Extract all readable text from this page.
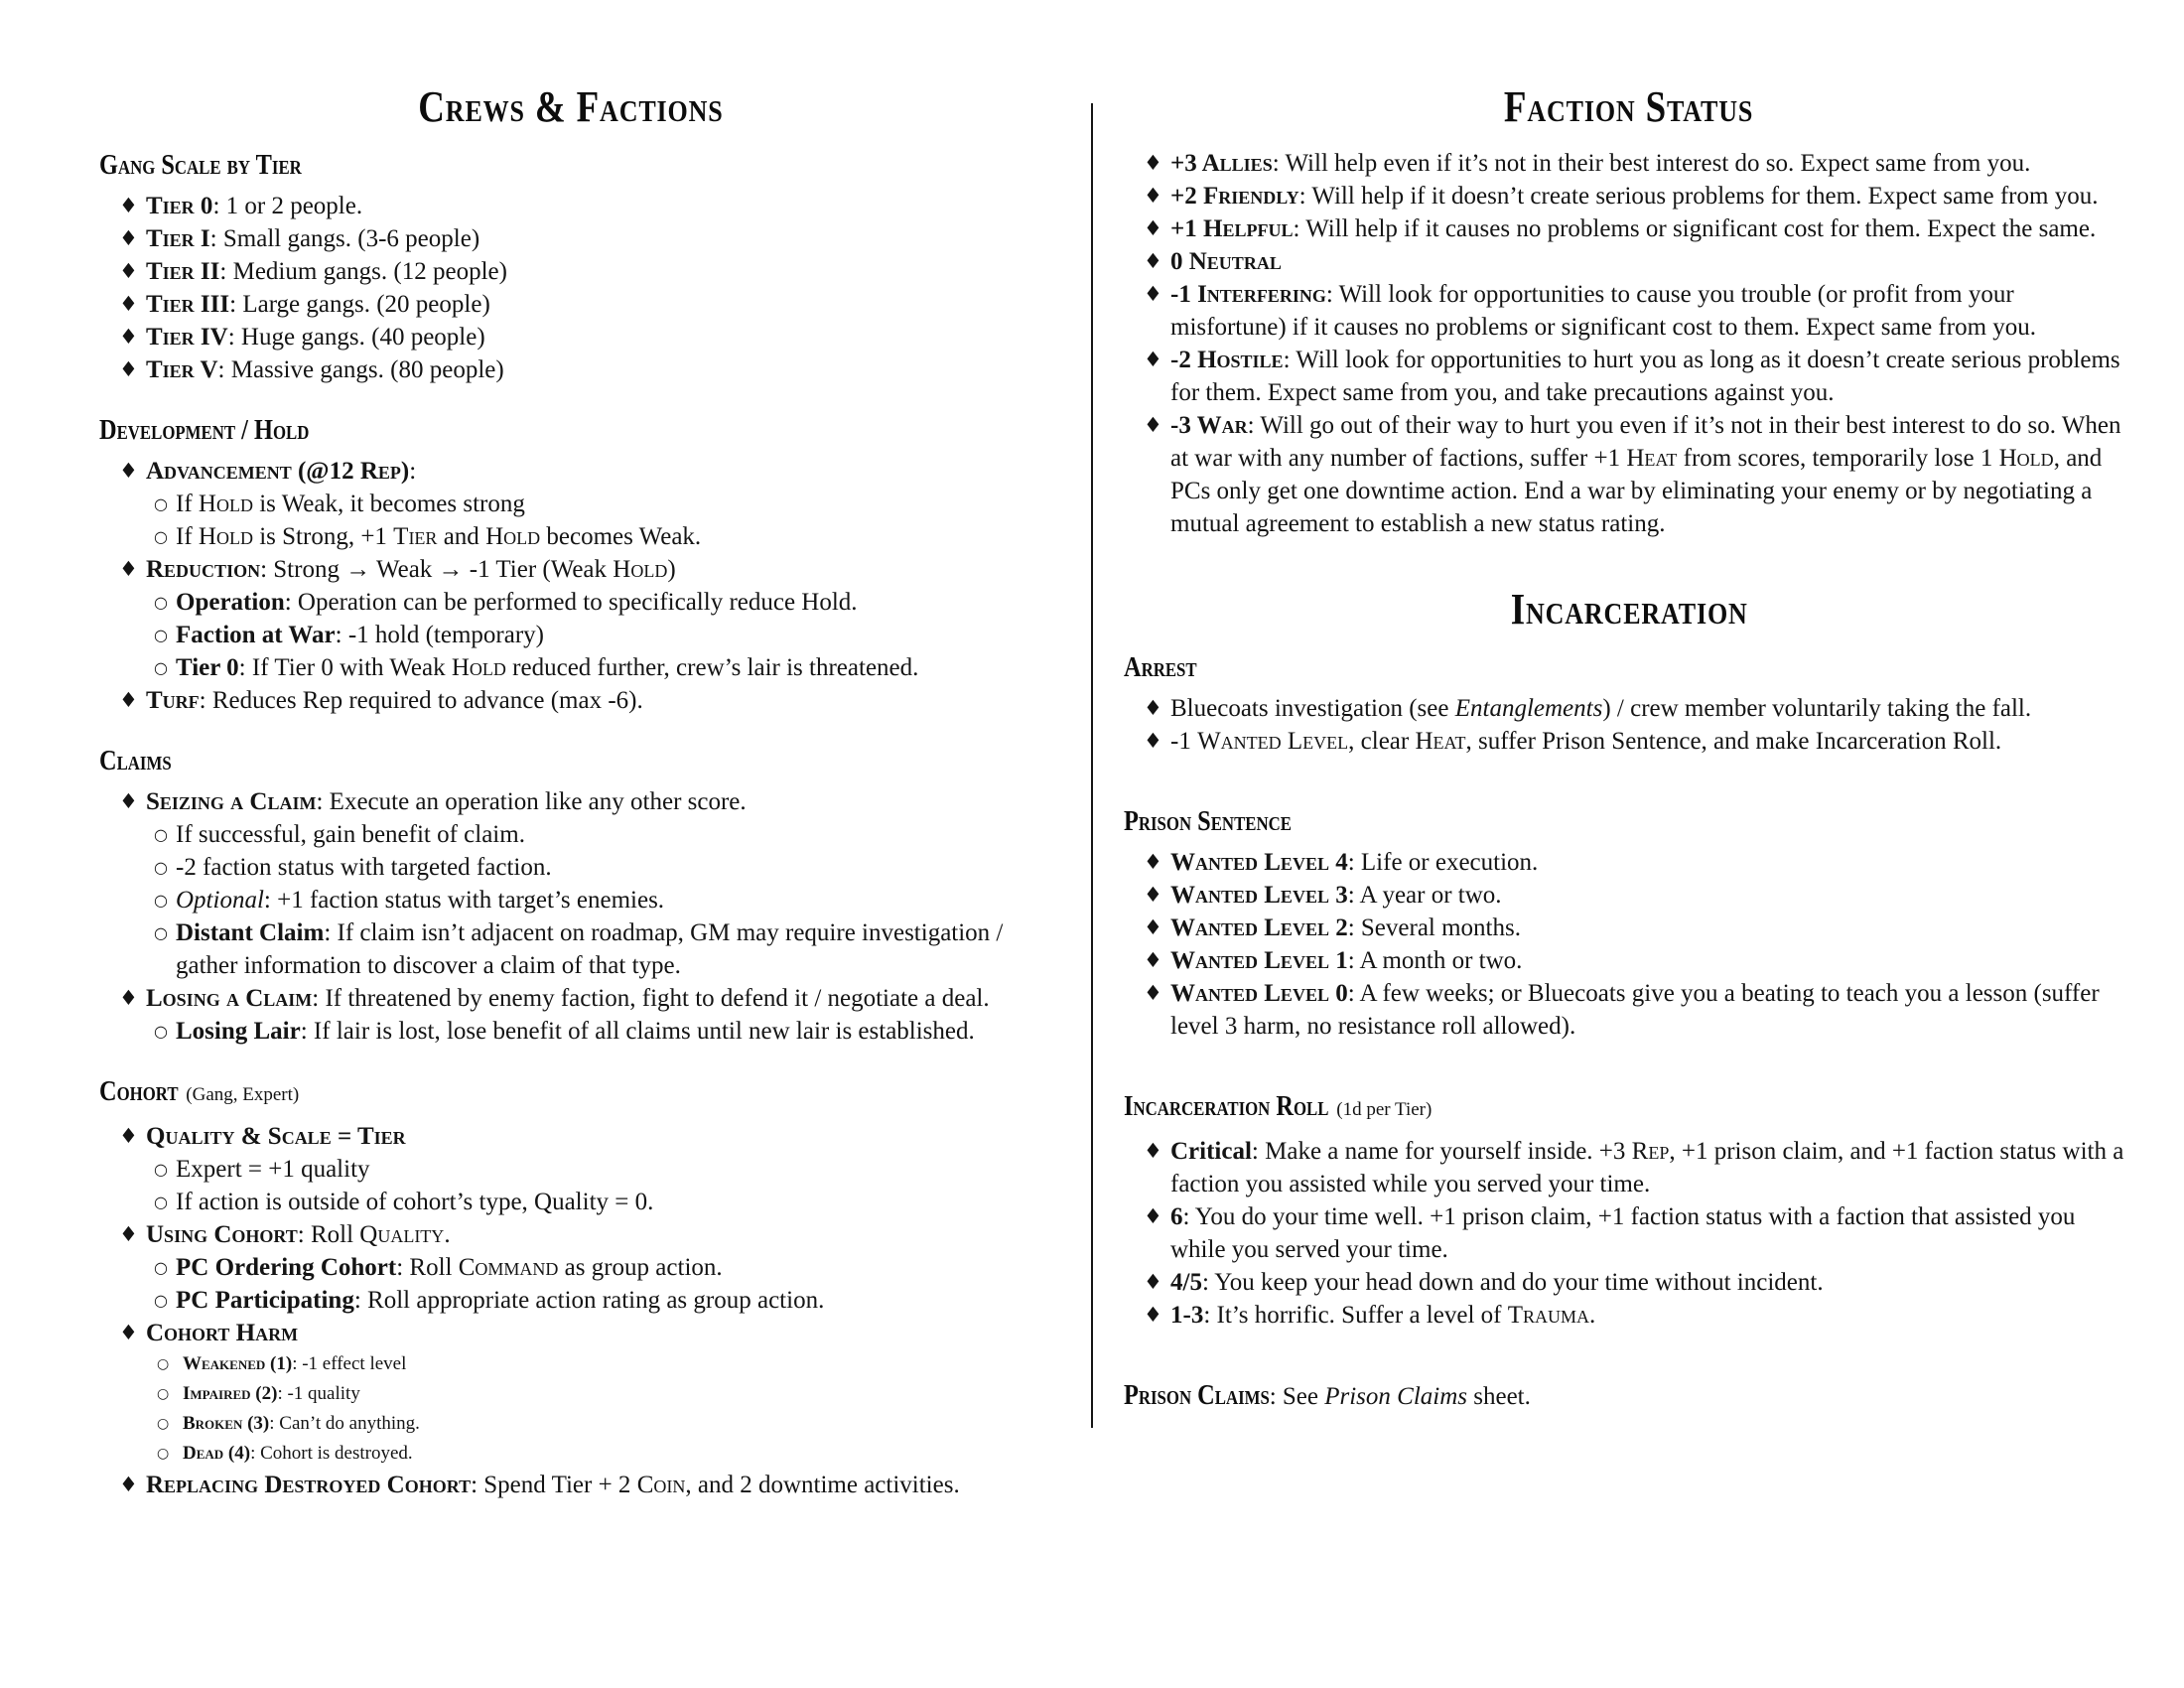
Crews & Factions
Gang Scale by Tier
♦ Tier 0: 1 or 2 people.
♦ Tier I: Small gangs. (3-6 people)
♦ Tier II: Medium gangs. (12 people)
♦ Tier III: Large gangs. (20 people)
♦ Tier IV: Huge gangs. (40 people)
♦ Tier V: Massive gangs. (80 people)
Development / Hold
♦ Advancement (@12 Rep):
○ If Hold is Weak, it becomes strong
○ If Hold is Strong, +1 Tier and Hold becomes Weak.
♦ Reduction: Strong → Weak → -1 Tier (Weak Hold)
○ Operation: Operation can be performed to specifically reduce Hold.
○ Faction at War: -1 hold (temporary)
○ Tier 0: If Tier 0 with Weak Hold reduced further, crew’s lair is threatened.
♦ Turf: Reduces Rep required to advance (max -6).
Claims
♦ Seizing a Claim: Execute an operation like any other score.
○ If successful, gain benefit of claim.
○ -2 faction status with targeted faction.
○ Optional: +1 faction status with target’s enemies.
○ Distant Claim: If claim isn’t adjacent on roadmap, GM may require investigation / gather information to discover a claim of that type.
♦ Losing a Claim: If threatened by enemy faction, fight to defend it / negotiate a deal.
○ Losing Lair: If lair is lost, lose benefit of all claims until new lair is established.
Cohort (Gang, Expert)
♦ Quality & Scale = Tier
○ Expert = +1 quality
○ If action is outside of cohort’s type, Quality = 0.
♦ Using Cohort: Roll Quality.
○ PC Ordering Cohort: Roll Command as group action.
○ PC Participating: Roll appropriate action rating as group action.
♦ Cohort Harm
○ Weakened (1): -1 effect level
○ Impaired (2): -1 quality
○ Broken (3): Can’t do anything.
○ Dead (4): Cohort is destroyed.
♦ Replacing Destroyed Cohort: Spend Tier + 2 Coin, and 2 downtime activities.
Faction Status
♦ +3 Allies: Will help even if it’s not in their best interest do so. Expect same from you.
♦ +2 Friendly: Will help if it doesn’t create serious problems for them. Expect same from you.
♦ +1 Helpful: Will help if it causes no problems or significant cost for them. Expect the same.
♦ 0 Neutral
♦ -1 Interfering: Will look for opportunities to cause you trouble (or profit from your misfortune) if it causes no problems or significant cost to them. Expect same from you.
♦ -2 Hostile: Will look for opportunities to hurt you as long as it doesn’t create serious problems for them. Expect same from you, and take precautions against you.
♦ -3 War: Will go out of their way to hurt you even if it’s not in their best interest to do so. When at war with any number of factions, suffer +1 Heat from scores, temporarily lose 1 Hold, and PCs only get one downtime action. End a war by eliminating your enemy or by negotiating a mutual agreement to establish a new status rating.
Incarceration
Arrest
♦ Bluecoats investigation (see Entanglements) / crew member voluntarily taking the fall.
♦ -1 Wanted Level, clear Heat, suffer Prison Sentence, and make Incarceration Roll.
Prison Sentence
♦ Wanted Level 4: Life or execution.
♦ Wanted Level 3: A year or two.
♦ Wanted Level 2: Several months.
♦ Wanted Level 1: A month or two.
♦ Wanted Level 0: A few weeks; or Bluecoats give you a beating to teach you a lesson (suffer level 3 harm, no resistance roll allowed).
Incarceration Roll (1d per Tier)
♦ Critical: Make a name for yourself inside. +3 Rep, +1 prison claim, and +1 faction status with a faction you assisted while you served your time.
♦ 6: You do your time well. +1 prison claim, +1 faction status with a faction that assisted you while you served your time.
♦ 4/5: You keep your head down and do your time without incident.
♦ 1-3: It’s horrific. Suffer a level of Trauma.
Prison Claims: See Prison Claims sheet.
